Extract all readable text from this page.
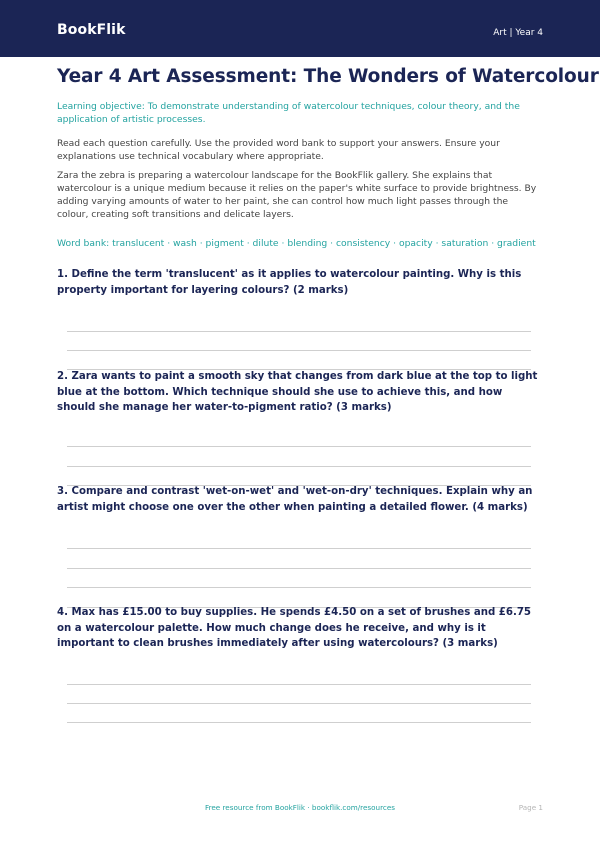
BookFlik	Art | Year 4
Year 4 Art Assessment: The Wonders of Watercolour

Learning objective: To demonstrate understanding of watercolour techniques, colour theory, and the application of artistic processes.

Read each question carefully. Use the provided word bank to support your answers. Ensure your explanations use technical vocabulary where appropriate.

Zara the zebra is preparing a watercolour landscape for the BookFlik gallery. She explains that watercolour is a unique medium because it relies on the paper's white surface to provide brightness. By adding varying amounts of water to her paint, she can control how much light passes through the colour, creating soft transitions and delicate layers.

Word bank: translucent · wash · pigment · dilute · blending · consistency · opacity · saturation · gradient

1. Define the term 'translucent' as it applies to watercolour painting. Why is this property important for layering colours? (2 marks)

2. Zara wants to paint a smooth sky that changes from dark blue at the top to light blue at the bottom. Which technique should she use to achieve this, and how should she manage her water-to-pigment ratio? (3 marks)

3. Compare and contrast 'wet-on-wet' and 'wet-on-dry' techniques. Explain why an artist might choose one over the other when painting a detailed flower. (4 marks)

4. Max has £15.00 to buy supplies. He spends £4.50 on a set of brushes and £6.75 on a watercolour palette. How much change does he receive, and why is it important to clean brushes immediately after using watercolours? (3 marks)

Free resource from BookFlik · bookflik.com/resources	Page 1
